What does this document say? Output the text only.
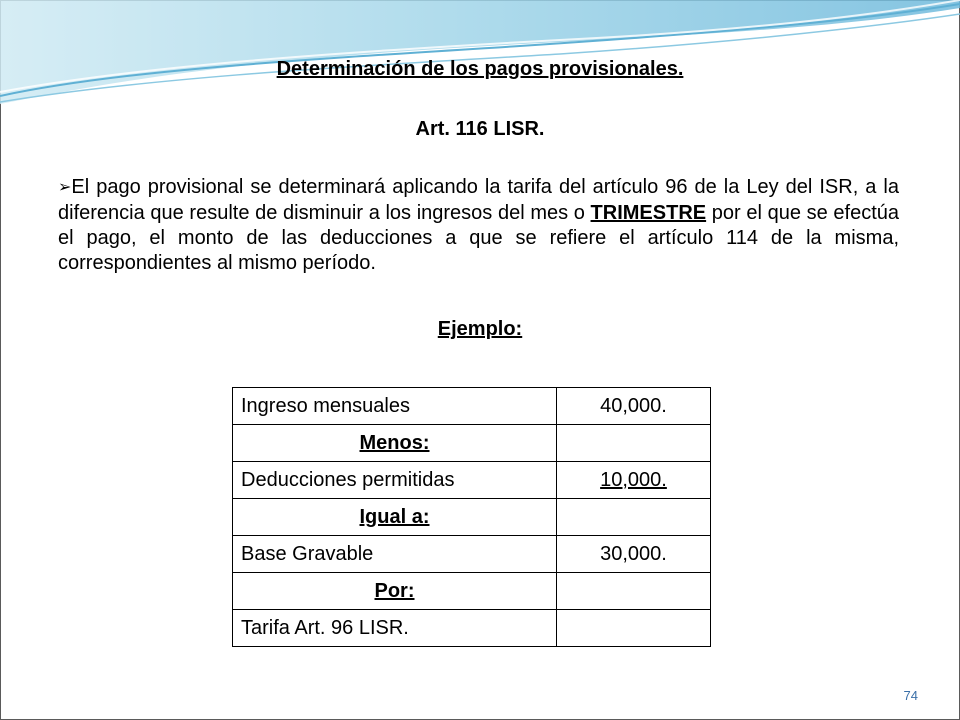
Determinación de los pagos provisionales.
Art. 116 LISR.
➢El pago provisional se determinará aplicando la tarifa del artículo 96 de la Ley del ISR, a la diferencia que resulte de disminuir a los ingresos del mes o TRIMESTRE por el que se efectúa el pago, el monto de las deducciones a que se refiere el artículo 114 de la misma, correspondientes al mismo período.
Ejemplo:
Ingreso mensuales	40,000.
Menos:	
Deducciones permitidas	10,000.
Igual a:	
Base Gravable	30,000.
Por:	
Tarifa Art. 96 LISR.	
74
